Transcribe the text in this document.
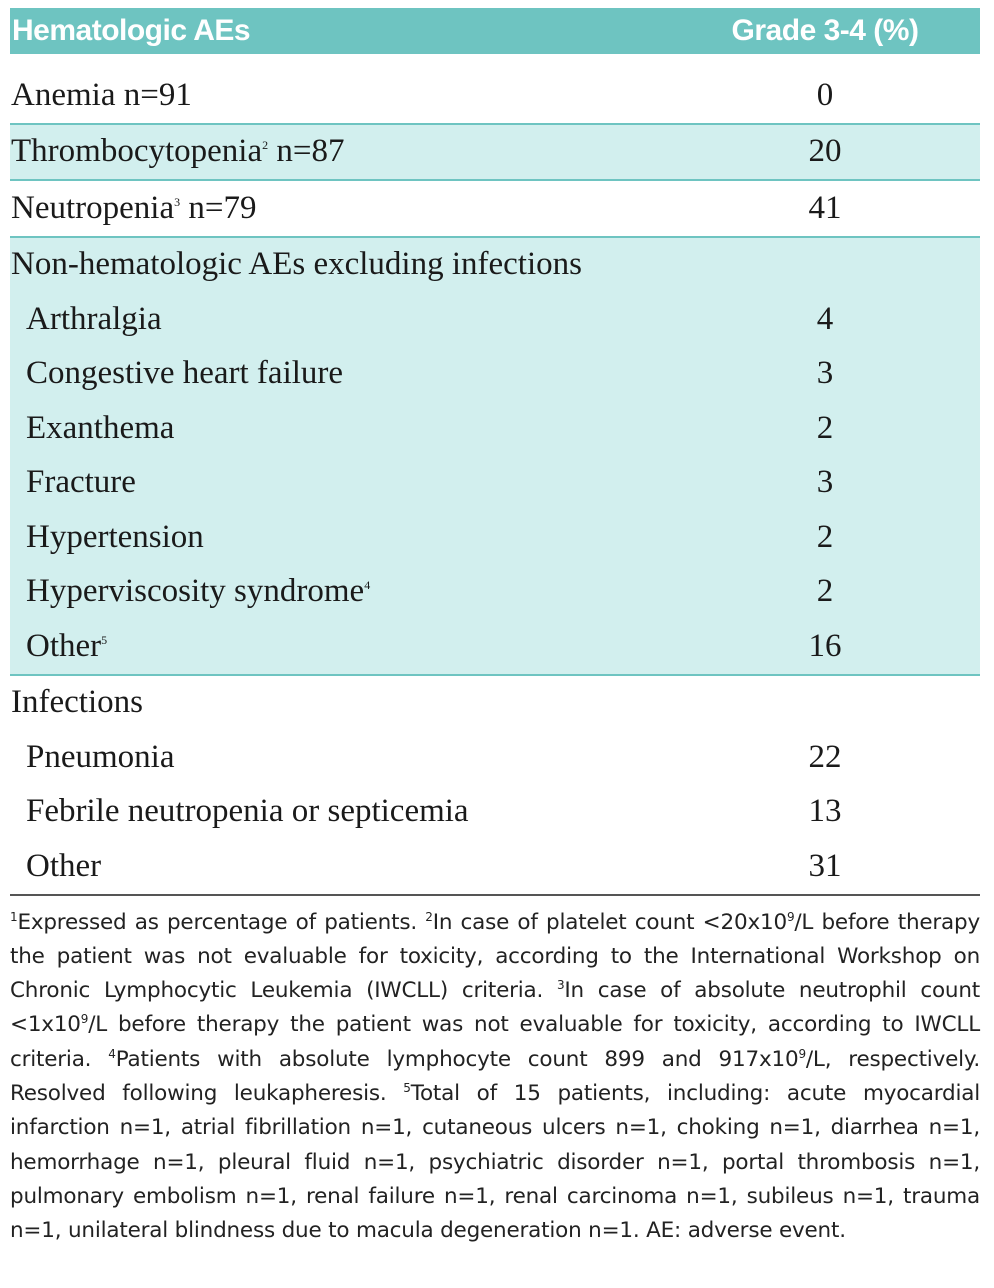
Hematologic AEs	Grade 3-4 (%)
Anemia n=91	0
Thrombocytopenia$^2$ n=87	20
Neutropenia$^3$ n=79	41
Non-hematologic AEs excluding infections
Arthralgia	4
Congestive heart failure	3
Exanthema	2
Fracture	3
Hypertension	2
Hyperviscosity syndrome$^4$	2
Other$^5$	16
Infections
Pneumonia	22
Febrile neutropenia or septicemia	13
Other	31
$^1$Expressed as percentage of patients. $^2$In case of platelet count $<20x10^9/L$ before therapy the patient was not evaluable for toxicity, according to the International Workshop on Chronic Lymphocytic Leukemia (IWCLL) criteria. $^3$In case of absolute neutrophil count $<1x10^9/L$ before therapy the patient was not evaluable for toxicity, according to IWCLL criteria. $^4$Patients with absolute lymphocyte count 899 and $917x10^9/L$, respectively. Resolved following leukapheresis. $^5$Total of 15 patients, including: acute myocardial infarction n=1, atrial fibrillation n=1, cutaneous ulcers n=1, choking n=1, diarrhea n=1, hemorrhage n=1, pleural fluid n=1, psychiatric disorder n=1, portal thrombosis n=1, pulmonary embolism n=1, renal failure n=1, renal carcinoma n=1, subileus n=1, trauma n=1, unilateral blindness due to macula degeneration n=1. AE: adverse event.
